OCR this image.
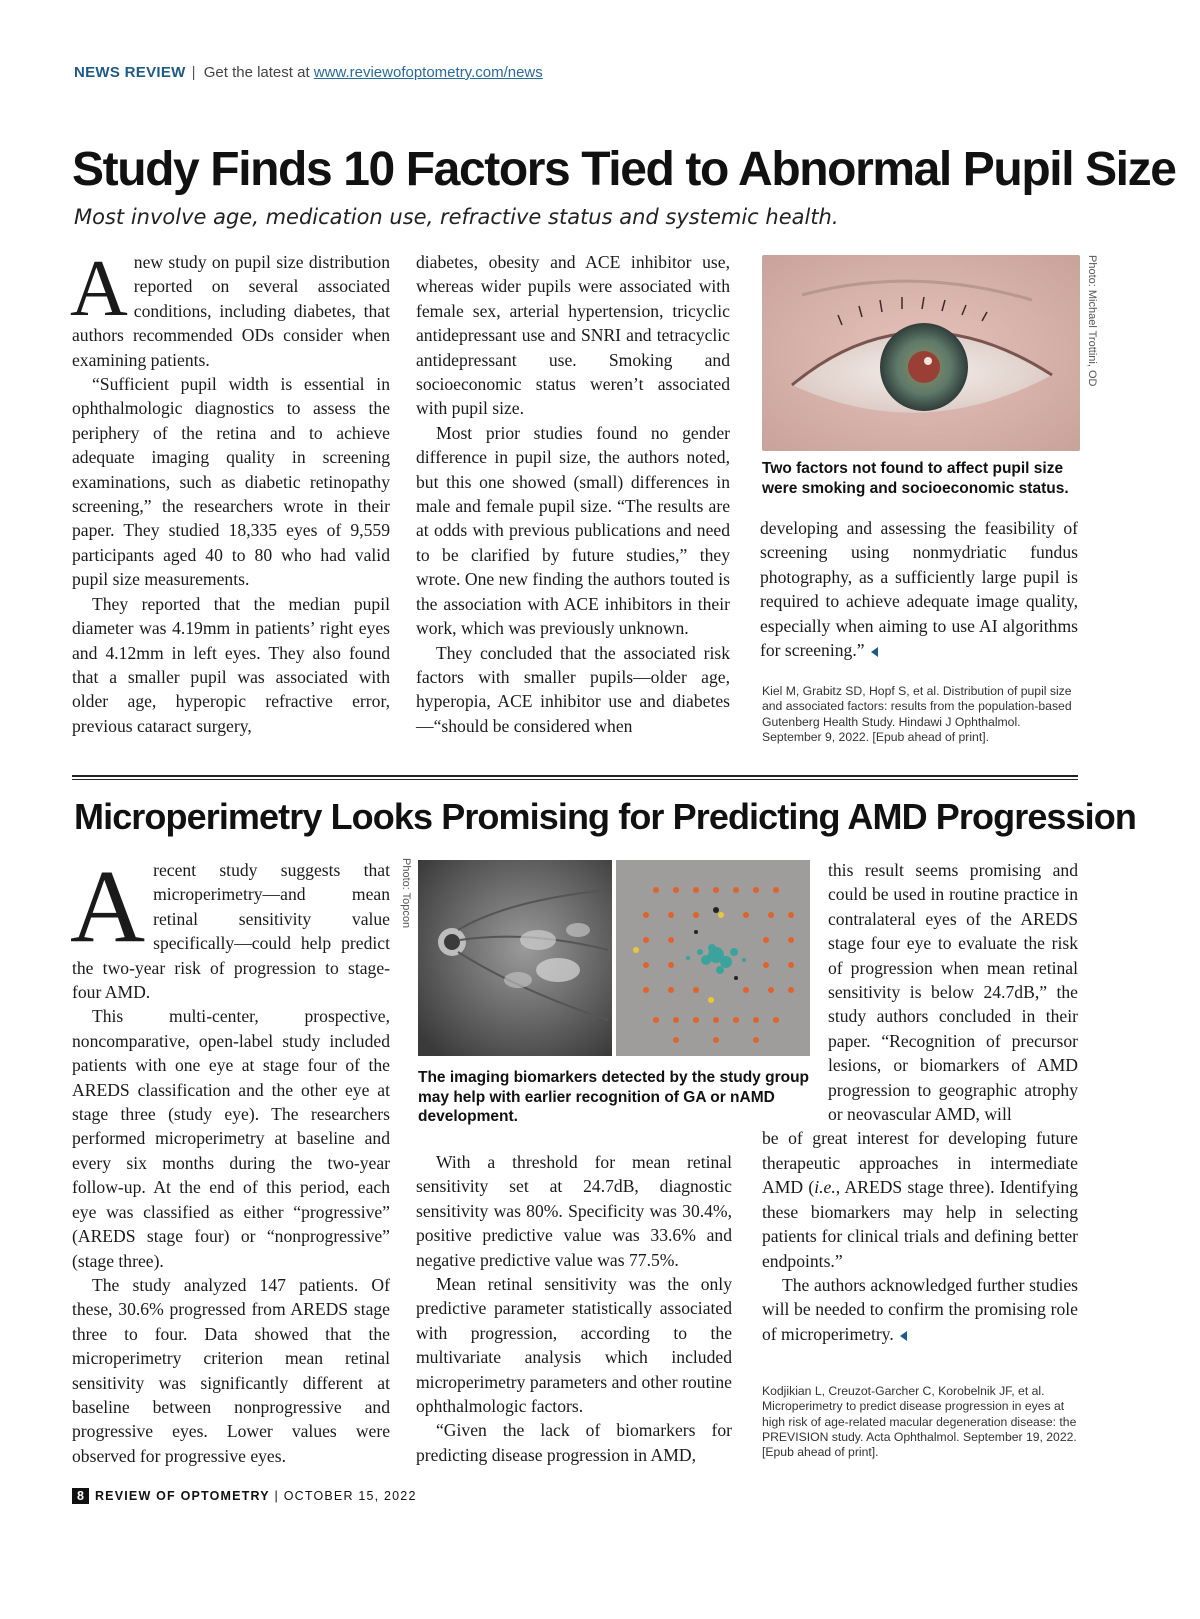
NEWS REVIEW | Get the latest at www.reviewofoptometry.com/news
Study Finds 10 Factors Tied to Abnormal Pupil Size
Most involve age, medication use, refractive status and systemic health.

Anew study on pupil size distribution reported on several associated conditions, including diabetes, that authors recommended ODs consider when examining patients.

“Sufficient pupil width is essential in ophthalmologic diagnostics to assess the periphery of the retina and to achieve adequate imaging quality in screening examinations, such as diabetic retinopathy screening,” the researchers wrote in their paper. They studied 18,335 eyes of 9,559 participants aged 40 to 80 who had valid pupil size measurements.

They reported that the median pupil diameter was 4.19mm in patients’ right eyes and 4.12mm in left eyes. They also found that a smaller pupil was associated with older age, hyperopic refractive error, previous cataract surgery,

diabetes, obesity and ACE inhibitor use, whereas wider pupils were associated with female sex, arterial hypertension, tricyclic antidepressant use and SNRI and tetracyclic antidepressant use. Smoking and socioeconomic status weren’t associated with pupil size.

Most prior studies found no gender difference in pupil size, the authors noted, but this one showed (small) differences in male and female pupil size. “The results are at odds with previous publications and need to be clarified by future studies,” they wrote. One new finding the authors touted is the association with ACE inhibitors in their work, which was previously unknown.

They concluded that the associated risk factors with smaller pupils—older age, hyperopia, ACE inhibitor use and diabetes—“should be considered when

Photo: Michael Trottini, OD
Two factors not found to affect pupil size were smoking and socioeconomic status.

developing and assessing the feasibility of screening using nonmydriatic fundus photography, as a sufficiently large pupil is required to achieve adequate image quality, especially when aiming to use AI algorithms for screening.”

Kiel M, Grabitz SD, Hopf S, et al. Distribution of pupil size and associated factors: results from the population-based Gutenberg Health Study. Hindawi J Ophthalmol. September 9, 2022. [Epub ahead of print].
Microperimetry Looks Promising for Predicting AMD Progression

Arecent study suggests that microperimetry—and mean retinal sensitivity value specifically—could help predict the two-year risk of progression to stage-four AMD.

This multi-center, prospective, noncomparative, open-label study included patients with one eye at stage four of the AREDS classification and the other eye at stage three (study eye). The researchers performed microperimetry at baseline and every six months during the two-year follow-up. At the end of this period, each eye was classified as either “progressive” (AREDS stage four) or “nonprogressive” (stage three).

The study analyzed 147 patients. Of these, 30.6% progressed from AREDS stage three to four. Data showed that the microperimetry criterion mean retinal sensitivity was significantly different at baseline between nonprogressive and progressive eyes. Lower values were observed for progressive eyes.

Photo: Topcon
The imaging biomarkers detected by the study group may help with earlier recognition of GA or nAMD development.

With a threshold for mean retinal sensitivity set at 24.7dB, diagnostic sensitivity was 80%. Specificity was 30.4%, positive predictive value was 33.6% and negative predictive value was 77.5%.

Mean retinal sensitivity was the only predictive parameter statistically associated with progression, according to the multivariate analysis which included microperimetry parameters and other routine ophthalmologic factors.

“Given the lack of biomarkers for predicting disease progression in AMD,

this result seems promising and could be used in routine practice in contralateral eyes of the AREDS stage four eye to evaluate the risk of progression when mean retinal sensitivity is below 24.7dB,” the study authors concluded in their paper. “Recognition of precursor lesions, or biomarkers of AMD progression to geographic atrophy or neovascular AMD, will

be of great interest for developing future therapeutic approaches in intermediate AMD (i.e., AREDS stage three). Identifying these biomarkers may help in selecting patients for clinical trials and defining better endpoints.”

The authors acknowledged further studies will be needed to confirm the promising role of microperimetry.

Kodjikian L, Creuzot-Garcher C, Korobelnik JF, et al. Microperimetry to predict disease progression in eyes at high risk of age-related macular degeneration disease: the PREVISION study. Acta Ophthalmol. September 19, 2022. [Epub ahead of print].
8 REVIEW OF OPTOMETRY | OCTOBER 15, 2022
